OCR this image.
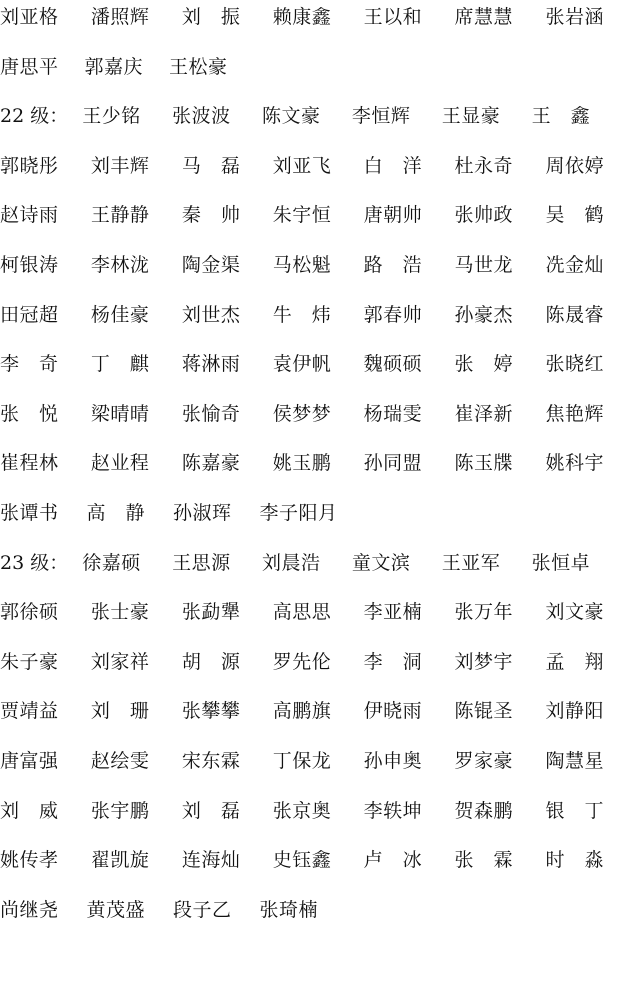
刘亚格 潘照辉 刘　振 赖康鑫 王以和 席慧慧 张岩涵
唐思平 郭嘉庆 王松豪
22 级： 王少铭 张波波 陈文豪 李恒辉 王显豪 王　鑫
郭晓彤 刘丰辉 马　磊 刘亚飞 白　洋 杜永奇 周依婷
赵诗雨 王静静 秦　帅 朱宇恒 唐朝帅 张帅政 吴　鹤
柯银涛 李林泷 陶金渠 马松魁 路　浩 马世龙 冼金灿
田冠超 杨佳豪 刘世杰 牛　炜 郭春帅 孙豪杰 陈晟睿
李　奇 丁　麒 蒋淋雨 袁伊帆 魏硕硕 张　婷 张晓红
张　悦 梁晴晴 张愉奇 侯梦梦 杨瑞雯 崔泽新 焦艳辉
崔程林 赵业程 陈嘉豪 姚玉鹏 孙同盟 陈玉牒 姚科宇
张谭书 高　静 孙淑珲 李子阳月
23 级： 徐嘉硕 王思源 刘晨浩 童文滨 王亚军 张恒卓
郭徐硕 张士豪 张勐犟 高思思 李亚楠 张万年 刘文豪
朱子豪 刘家祥 胡　源 罗先伦 李　洞 刘梦宇 孟　翔
贾靖益 刘　珊 张攀攀 高鹏旗 伊晓雨 陈锟圣 刘静阳
唐富强 赵绘雯 宋东霖 丁保龙 孙申奥 罗家豪 陶慧星
刘　威 张宇鹏 刘　磊 张京奥 李轶坤 贺森鹏 银　丁
姚传孝 翟凯旋 连海灿 史钰鑫 卢　冰 张　霖 时　淼
尚继尧 黄茂盛 段子乙 张琦楠
